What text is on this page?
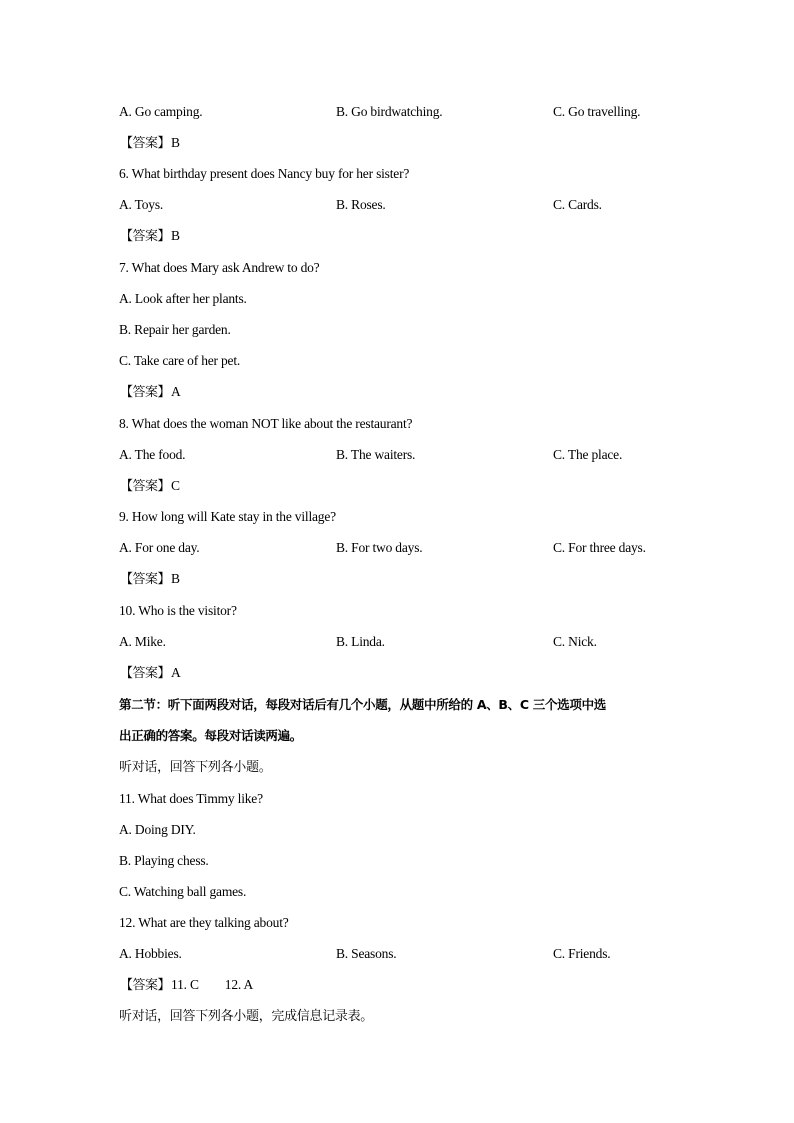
A. Go camping.	B. Go birdwatching.	C. Go travelling.
【答案】B
6. What birthday present does Nancy buy for her sister?
A. Toys.	B. Roses.	C. Cards.
【答案】B
7. What does Mary ask Andrew to do?
A. Look after her plants.
B. Repair her garden.
C. Take care of her pet.
【答案】A
8. What does the woman NOT like about the restaurant?
A. The food.	B. The waiters.	C. The place.
【答案】C
9. How long will Kate stay in the village?
A. For one day.	B. For two days.	C. For three days.
【答案】B
10. Who is the visitor?
A. Mike.	B. Linda.	C. Nick.
【答案】A
第二节：听下面两段对话，每段对话后有几个小题，从题中所给的 A、B、C 三个选项中选
出正确的答案。每段对话读两遍。
听对话，回答下列各小题。
11. What does Timmy like?
A. Doing DIY.
B. Playing chess.
C. Watching ball games.
12. What are they talking about?
A. Hobbies.	B. Seasons.	C. Friends.
【答案】11. C 12. A
听对话，回答下列各小题，完成信息记录表。
